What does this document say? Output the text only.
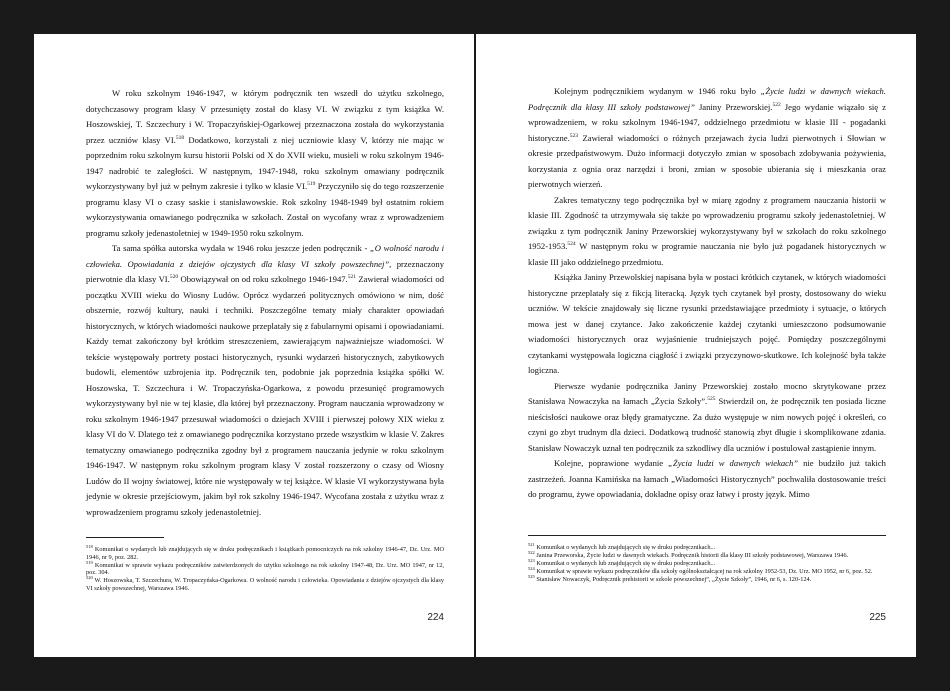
W roku szkolnym 1946-1947, w którym podręcznik ten wszedł do użytku szkolnego, dotychczasowy program klasy V przesunięty został do klasy VI. W związku z tym książka W. Hoszowskiej, T. Szczechury i W. Tropaczyńskiej-Ogarkowej przeznaczona została do wykorzystania przez uczniów klasy VI.$^{518}$ Dodatkowo, korzystali z niej uczniowie klasy V, którzy nie mając w poprzednim roku szkolnym kursu historii Polski od X do XVII wieku, musieli w roku szkolnym 1946-1947 nadrobić te zaległości. W następnym, 1947-1948, roku szkolnym omawiany podręcznik wykorzystywany był już w pełnym zakresie i tylko w klasie VI.$^{519}$ Przyczyniło się do tego rozszerzenie programu klasy VI o czasy saskie i stanisławowskie. Rok szkolny 1948-1949 był ostatnim rokiem wykorzystywania omawianego podręcznika w szkołach. Został on wycofany wraz z wprowadzeniem programu szkoły jedenastoletniej w 1949-1950 roku szkolnym.

Ta sama spółka autorska wydała w 1946 roku jeszcze jeden podręcznik - „O wolność narodu i człowieka. Opowiadania z dziejów ojczystych dla klasy VI szkoły powszechnej”, przeznaczony pierwotnie dla klasy VI.$^{520}$ Obowiązywał on od roku szkolnego 1946-1947.$^{521}$ Zawierał wiadomości od początku XVIII wieku do Wiosny Ludów. Oprócz wydarzeń politycznych omówiono w nim, dość obszernie, rozwój kultury, nauki i techniki. Poszczególne tematy miały charakter opowiadań historycznych, w których wiadomości naukowe przeplatały się z fabularnymi opisami i opowiadaniami. Każdy temat zakończony był krótkim streszczeniem, zawierającym najważniejsze wiadomości. W tekście występowały portrety postaci historycznych, rysunki wydarzeń historycznych, zabytkowych budowli, elementów uzbrojenia itp. Podręcznik ten, podobnie jak poprzednia książka spółki W. Hoszowska, T. Szczechura i W. Tropaczyńska-Ogarkowa, z powodu przesunięć programowych wykorzystywany był nie w tej klasie, dla której był przeznaczony. Program nauczania wprowadzony w roku szkolnym 1946-1947 przesuwał wiadomości o dziejach XVIII i pierwszej połowy XIX wieku z klasy VI do V. Dlatego też z omawianego podręcznika korzystano przede wszystkim w klasie V. Zakres tematyczny omawianego podręcznika zgodny był z programem nauczania jedynie w roku szkolnym 1946-1947. W następnym roku szkolnym program klasy V został rozszerzony o czasy od Wiosny Ludów do II wojny światowej, które nie występowały w tej książce. W klasie VI wykorzystywana była jedynie w okresie przejściowym, jakim był rok szkolny 1946-1947. Wycofana została z użytku wraz z wprowadzeniem programu szkoły jedenastoletniej.

$^{518}$ Komunikat o wydanych lub znajdujących się w druku podręcznikach i książkach pomocniczych na rok szkolny 1946-47, Dz. Urz. MO 1946, nr 9, poz. 282.

$^{519}$ Komunikat w sprawie wykazu podręczników zatwierdzonych do użytku szkolnego na rok szkolny 1947-48, Dz. Urz. MO 1947, nr 12, poz. 304.

$^{520}$ W. Hoszowska, T. Szczechura, W. Tropaczyńska-Ogarkowa. O wolność narodu i człowieka. Opowiadania z dziejów ojczystych dla klasy VI szkoły powszechnej, Warszawa 1946.

224

Kolejnym podręcznikiem wydanym w 1946 roku było „Życie ludzi w dawnych wiekach. Podręcznik dla klasy III szkoły podstawowej” Janiny Przeworskiej.$^{522}$ Jego wydanie wiązało się z wprowadzeniem, w roku szkolnym 1946-1947, oddzielnego przedmiotu w klasie III - pogadanki historyczne.$^{523}$ Zawierał wiadomości o różnych przejawach życia ludzi pierwotnych i Słowian w okresie przedpaństwowym. Dużo informacji dotyczyło zmian w sposobach zdobywania pożywienia, korzystania z ognia oraz narzędzi i broni, zmian w sposobie ubierania się i mieszkania oraz pierwotnych wierzeń.

Zakres tematyczny tego podręcznika był w miarę zgodny z programem nauczania historii w klasie III. Zgodność ta utrzymywała się także po wprowadzeniu programu szkoły jedenastoletniej. W związku z tym podręcznik Janiny Przeworskiej wykorzystywany był w szkołach do roku szkolnego 1952-1953.$^{524}$ W następnym roku w programie nauczania nie było już pogadanek historycznych w klasie III jako oddzielnego przedmiotu.

Książka Janiny Przewolskiej napisana była w postaci krótkich czytanek, w których wiadomości historyczne przeplatały się z fikcją literacką. Język tych czytanek był prosty, dostosowany do wieku uczniów. W tekście znajdowały się liczne rysunki przedstawiające przedmioty i sytuacje, o których mowa jest w danej czytance. Jako zakończenie każdej czytanki umieszczono podsumowanie wiadomości historycznych oraz wyjaśnienie trudniejszych pojęć. Pomiędzy poszczególnymi czytankami występowała logiczna ciągłość i związki przyczynowo-skutkowe. Ich kolejność była także logiczna.

Pierwsze wydanie podręcznika Janiny Przeworskiej zostało mocno skrytykowane przez Stanisława Nowaczyka na łamach „Życia Szkoły”.$^{525}$ Stwierdził on, że podręcznik ten posiada liczne nieścisłości naukowe oraz błędy gramatyczne. Za dużo występuje w nim nowych pojęć i określeń, co czyni go zbyt trudnym dla dzieci. Dodatkową trudność stanowią zbyt długie i skomplikowane zdania. Stanisław Nowaczyk uznał ten podręcznik za szkodliwy dla uczniów i postulował zastąpienie innym.

Kolejne, poprawione wydanie „Życia ludzi w dawnych wiekach” nie budziło już takich zastrzeżeń. Joanna Kamińska na łamach „Wiadomości Historycznych” pochwaliła dostosowanie treści do programu, żywe opowiadania, dokładne opisy oraz łatwy i prosty język. Mimo

$^{521}$ Komunikat o wydanych lub znajdujących się w druku podręcznikach...

$^{522}$ Janina Przeworska, Życie ludzi w dawnych wiekach. Podręcznik historii dla klasy III szkoły podstawowej, Warszawa 1946.

$^{523}$ Komunikat o wydanych lub znajdujących się w druku podręcznikach...

$^{524}$ Komunikat w sprawie wykazu podręczników dla szkoły ogólnokształcącej na rok szkolny 1952-53, Dz. Urz. MO 1952, nr 6, poz. 52.

$^{525}$ Stanisław Nowaczyk, Podręcznik prehistorii w szkole powszechnej”, „Życie Szkoły”, 1946, nr 6, s. 120-124.

225
